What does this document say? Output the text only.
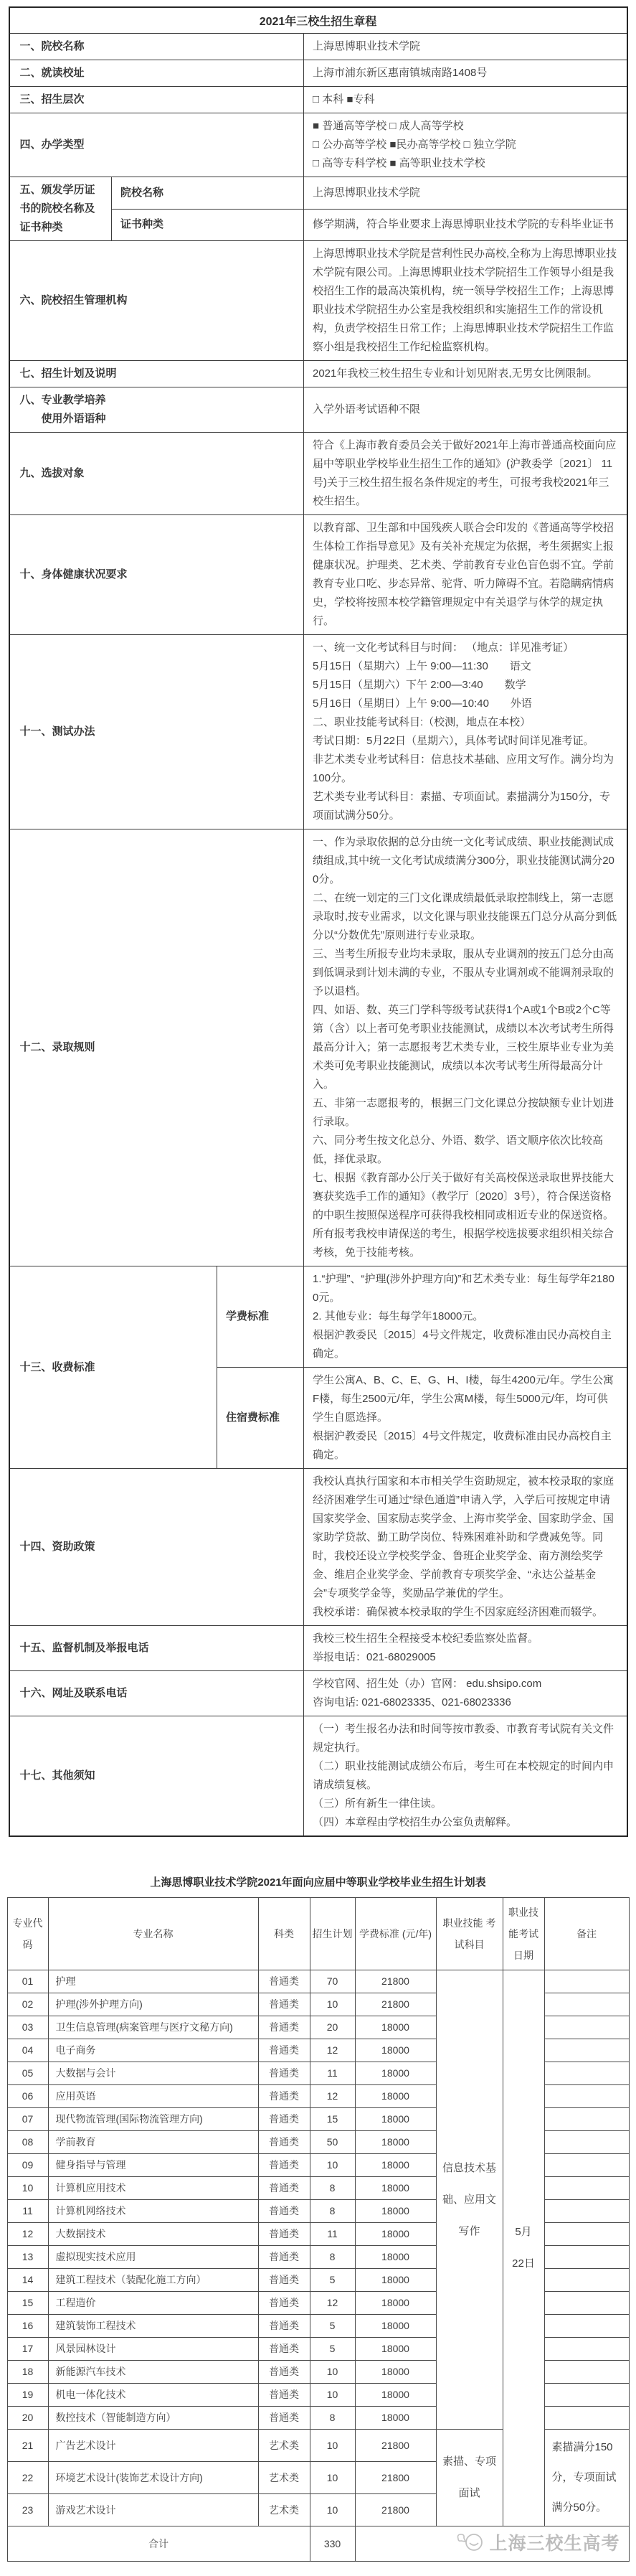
2021年三校生招生章程			
一、院校名称			上海思博职业技术学院

二、就读校址			上海市浦东新区惠南镇城南路1408号

三、招生层次			□ 本科 ■专科

四、办学类型			■ 普通高等学校 □ 成人高等学校

□ 公办高等学校 ■民办高等学校 □ 独立学院

□ 高等专科学校 ■ 高等职业技术学校

五、颁发学历证书的院校名称及证书种类	院校名称		上海思博职业技术学院

	证书种类		修学期满，符合毕业要求上海思博职业技术学院的专科毕业证书

六、院校招生管理机构			上海思博职业技术学院是营利性民办高校,全称为上海思博职业技术学院有限公司。上海思博职业技术学院招生工作领导小组是我校招生工作的最高决策机构，统一领导学校招生工作；上海思博职业技术学院招生办公室是我校组织和实施招生工作的常设机构，负责学校招生日常工作；上海思博职业技术学院招生工作监察小组是我校招生工作纪检监察机构。

七、招生计划及说明			2021年我校三校生招生专业和计划见附表,无男女比例限制。

八、专业教学培养
使用外语语种			入学外语考试语种不限

九、选拔对象			符合《上海市教育委员会关于做好2021年上海市普通高校面向应届中等职业学校毕业生招生工作的通知》(沪教委学〔2021〕 11号)关于三校生招生报名条件规定的考生，可报考我校2021年三校生招生。

十、身体健康状况要求			以教育部、卫生部和中国残疾人联合会印发的《普通高等学校招生体检工作指导意见》及有关补充规定为依据，考生须据实上报健康状况。护理类、艺术类、学前教育专业色盲色弱不宜。学前教育专业口吃、步态异常、驼背、听力障碍不宜。若隐瞒病情病史，学校将按照本校学籍管理规定中有关退学与休学的规定执行。

十一、测试办法	

一、统一文化考试科目与时间： （地点：详见准考证）

5月15日（星期六）上午 9:00—11:30　　语文

5月15日（星期六）下午 2:00—3:40　　数学

5月16日（星期日）上午 9:00—10:40　　外语

二、职业技能考试科目:（校测，地点在本校）

考试日期：5月22日（星期六），具体考试时间详见准考证。

非艺术类专业考试科目：信息技术基础、应用文写作。满分均为100分。

艺术类专业考试科目：素描、专项面试。素描满分为150分，专项面试满分50分。

十二、录取规则	

一、作为录取依据的总分由统一文化考试成绩、职业技能测试成绩组成,其中统一文化考试成绩满分300分，职业技能测试满分200分。

二、在统一划定的三门文化课成绩最低录取控制线上，第一志愿录取时,按专业需求，以文化课与职业技能课五门总分从高分到低分以“分数优先”原则进行专业录取。

三、当考生所报专业均未录取，服从专业调剂的按五门总分由高到低调录到计划未满的专业，不服从专业调剂或不能调剂录取的予以退档。

四、如语、数、英三门学科等级考试获得1个A或1个B或2个C等第（含）以上者可免考职业技能测试，成绩以本次考试考生所得最高分计入；第一志愿报考艺术类专业，三校生原毕业专业为美术类可免考职业技能测试，成绩以本次考试考生所得最高分计入。

五、非第一志愿报考的，根据三门文化课总分按缺额专业计划进行录取。

六、同分考生按文化总分、外语、数学、语文顺序依次比较高低，择优录取。

七、根据《教育部办公厅关于做好有关高校保送录取世界技能大赛获奖选手工作的通知》（教学厅〔2020〕3号），符合保送资格的中职生按照保送程序可获得我校相同或相近专业的保送资格。所有报考我校申请保送的考生，根据学校选拔要求组织相关综合考核，免于技能考核。

十三、收费标准		学费标准	1.“护理”、“护理(涉外护理方向)”和艺术类专业：每生每学年21800元。

2. 其他专业：每生每学年18000元。

根据沪教委民〔2015〕4号文件规定，收费标准由民办高校自主确定。

		住宿费标准	学生公寓A、B、C、E、G、H、I楼，每生4200元/年。学生公寓F楼，每生2500元/年，学生公寓M楼，每生5000元/年，均可供学生自愿选择。

根据沪教委民〔2015〕4号文件规定，收费标准由民办高校自主确定。

十四、资助政策			我校认真执行国家和本市相关学生资助规定，被本校录取的家庭经济困难学生可通过“绿色通道”申请入学，入学后可按规定申请国家奖学金、国家励志奖学金、上海市奖学金、国家助学金、国家助学贷款、勤工助学岗位、特殊困难补助和学费减免等。同时，我校还设立学校奖学金、鲁班企业奖学金、南方测绘奖学金、维启企业奖学金、学前教育专项奖学金、“永达公益基金会”专项奖学金等，奖励品学兼优的学生。

我校承诺：确保被本校录取的学生不因家庭经济困难而辍学。

十五、监督机制及举报电话			我校三校生招生全程接受本校纪委监察处监督。

举报电话：021-68029005

十六、网址及联系电话			学校官网、招生处（办）官网： edu.shsipo.com

咨询电话: 021-68023335、021-68023336

十七、其他须知			（一）考生报名办法和时间等按市教委、市教育考试院有关文件规定执行。

（二）职业技能测试成绩公布后，考生可在本校规定的时间内申请成绩复核。

（三）所有新生一律住读。

（四）本章程由学校招生办公室负责解释。

上海思博职业技术学院2021年面向应届中等职业学校毕业生招生计划表
专业代码	专业名称	科类	招生计划	学费标准 (元/年)	职业技能 考试科目	职业技能考试日期	备注
01	护理	普通类	70	21800	信息技术基础、应用文写作	5月

22日	

02	护理(涉外护理方向)	普通类	10	21800			
03	卫生信息管理(病案管理与医疗文秘方向)	普通类	20	18000			
04	电子商务	普通类	12	18000			
05	大数据与会计	普通类	11	18000			
06	应用英语	普通类	12	18000			
07	现代物流管理(国际物流管理方向)	普通类	15	18000			
08	学前教育	普通类	50	18000			
09	健身指导与管理	普通类	10	18000			
10	计算机应用技术	普通类	8	18000			
11	计算机网络技术	普通类	8	18000			
12	大数据技术	普通类	11	18000			
13	虚拟现实技术应用	普通类	8	18000			
14	建筑工程技术（装配化施工方向）	普通类	5	18000			
15	工程造价	普通类	12	18000			
16	建筑装饰工程技术	普通类	5	18000			
17	风景园林设计	普通类	5	18000			
18	新能源汽车技术	普通类	10	18000			
19	机电一体化技术	普通类	10	18000			
20	数控技术（智能制造方向）	普通类	8	18000			
21	广告艺术设计	艺术类	10	21800	素描、专项面试		素描满分150分，专项面试满分50分。
22	环境艺术设计(装饰艺术设计方向)	艺术类	10	21800			
23	游戏艺术设计	艺术类	10	21800			
合计			330	上海三校生高考			
